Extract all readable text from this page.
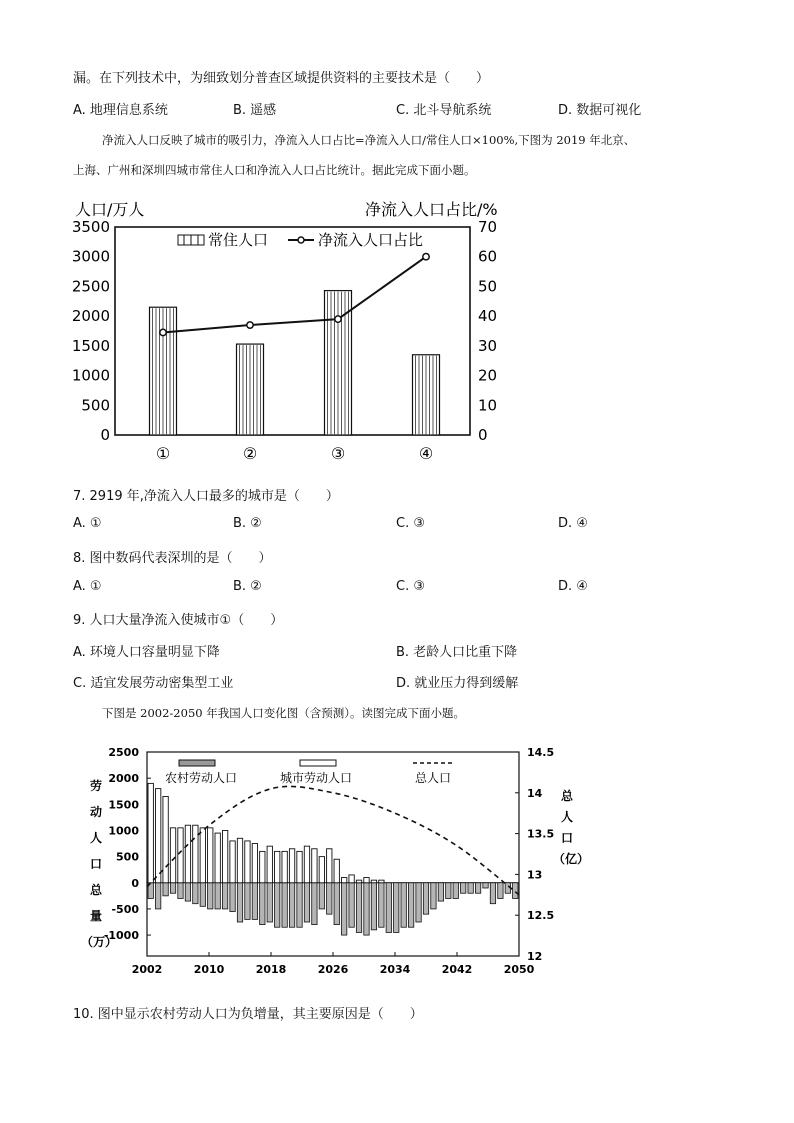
漏。在下列技术中，为细致划分普查区域提供资料的主要技术是（　　）
A. 地理信息系统	B. 遥感	C. 北斗导航系统	D. 数据可视化
净流入人口反映了城市的吸引力，净流入人口占比=净流入人口/常住人口×100%,下图为 2019 年北京、
上海、广州和深圳四城市常住人口和净流入人口占比统计。据此完成下面小题。
人口/万人	净流入人口占比/%
常住人口	净流入人口占比
3500
3000
2500
2000
1500
1000
500
0
70
60
50
40
30
20
10
0
①	②	③	④
7. 2919 年,净流入人口最多的城市是（　　）
A. ①	B. ②	C. ③	D. ④
8. 图中数码代表深圳的是（　　）
A. ①	B. ②	C. ③	D. ④
9. 人口大量净流入使城市①（　　）
A. 环境人口容量明显下降	B. 老龄人口比重下降
C. 适宜发展劳动密集型工业	D. 就业压力得到缓解
下图是 2002-2050 年我国人口变化图（含预测）。读图完成下面小题。
农村劳动人口	城市劳动人口	总人口
劳
动
人
口
总
量
（万）
总
人
口
（亿）
2500
2000
1500
1000
500
0
-500
-1000
14.5
14
13.5
13
12.5
12
2002	2010	2018	2026	2034	2042	2050
10. 图中显示农村劳动人口为负增量，其主要原因是（　　）
